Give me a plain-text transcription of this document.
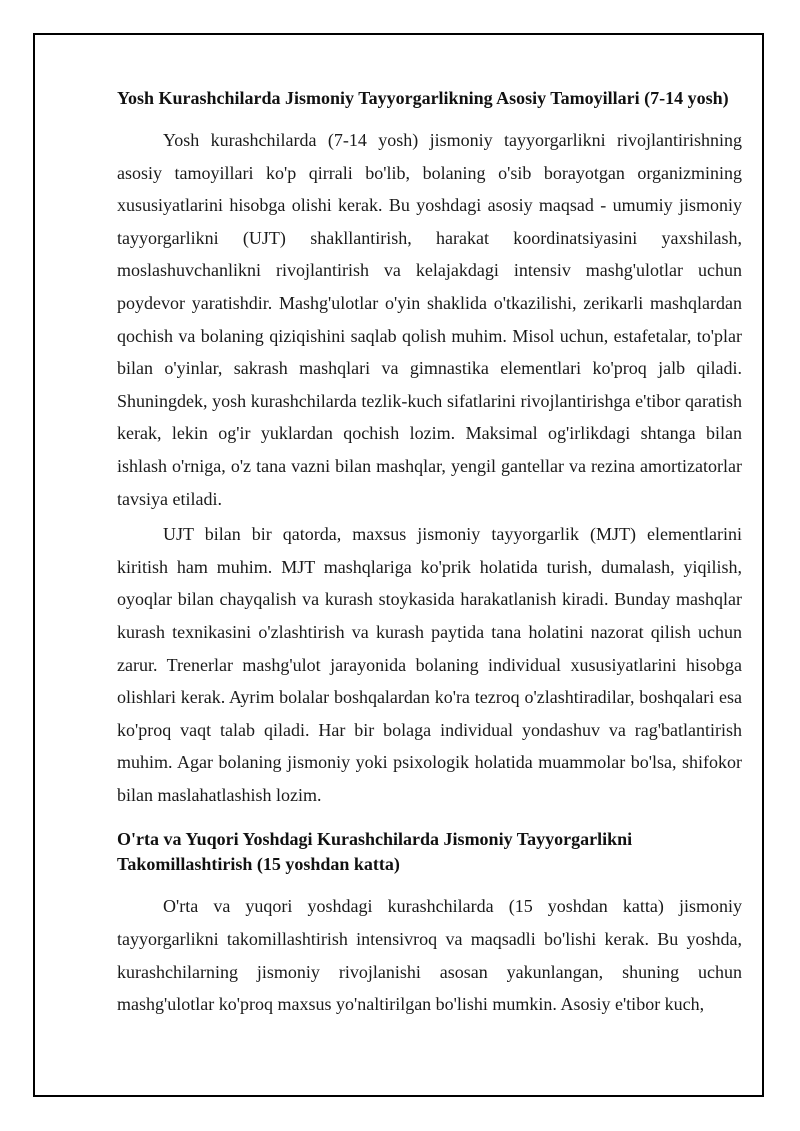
Yosh Kurashchilarda Jismoniy Tayyorgarlikning Asosiy Tamoyillari (7-14 yosh)

Yosh kurashchilarda (7-14 yosh) jismoniy tayyorgarlikni rivojlantirishning asosiy tamoyillari ko'p qirrali bo'lib, bolaning o'sib borayotgan organizmining xususiyatlarini hisobga olishi kerak. Bu yoshdagi asosiy maqsad - umumiy jismoniy tayyorgarlikni (UJT) shakllantirish, harakat koordinatsiyasini yaxshilash, moslashuvchanlikni rivojlantirish va kelajakdagi intensiv mashg'ulotlar uchun poydevor yaratishdir. Mashg'ulotlar o'yin shaklida o'tkazilishi, zerikarli mashqlardan qochish va bolaning qiziqishini saqlab qolish muhim. Misol uchun, estafetalar, to'plar bilan o'yinlar, sakrash mashqlari va gimnastika elementlari ko'proq jalb qiladi. Shuningdek, yosh kurashchilarda tezlik-kuch sifatlarini rivojlantirishga e'tibor qaratish kerak, lekin og'ir yuklardan qochish lozim. Maksimal og'irlikdagi shtanga bilan ishlash o'rniga, o'z tana vazni bilan mashqlar, yengil gantellar va rezina amortizatorlar tavsiya etiladi.

UJT bilan bir qatorda, maxsus jismoniy tayyorgarlik (MJT) elementlarini kiritish ham muhim. MJT mashqlariga ko'prik holatida turish, dumalash, yiqilish, oyoqlar bilan chayqalish va kurash stoykasida harakatlanish kiradi. Bunday mashqlar kurash texnikasini o'zlashtirish va kurash paytida tana holatini nazorat qilish uchun zarur. Trenerlar mashg'ulot jarayonida bolaning individual xususiyatlarini hisobga olishlari kerak. Ayrim bolalar boshqalardan ko'ra tezroq o'zlashtiradilar, boshqalari esa ko'proq vaqt talab qiladi. Har bir bolaga individual yondashuv va rag'batlantirish muhim. Agar bolaning jismoniy yoki psixologik holatida muammolar bo'lsa, shifokor bilan maslahatlashish lozim.

O'rta va Yuqori Yoshdagi Kurashchilarda Jismoniy Tayyorgarlikni Takomillashtirish (15 yoshdan katta)

O'rta va yuqori yoshdagi kurashchilarda (15 yoshdan katta) jismoniy tayyorgarlikni takomillashtirish intensivroq va maqsadli bo'lishi kerak. Bu yoshda, kurashchilarning jismoniy rivojlanishi asosan yakunlangan, shuning uchun mashg'ulotlar ko'proq maxsus yo'naltirilgan bo'lishi mumkin. Asosiy e'tibor kuch,
